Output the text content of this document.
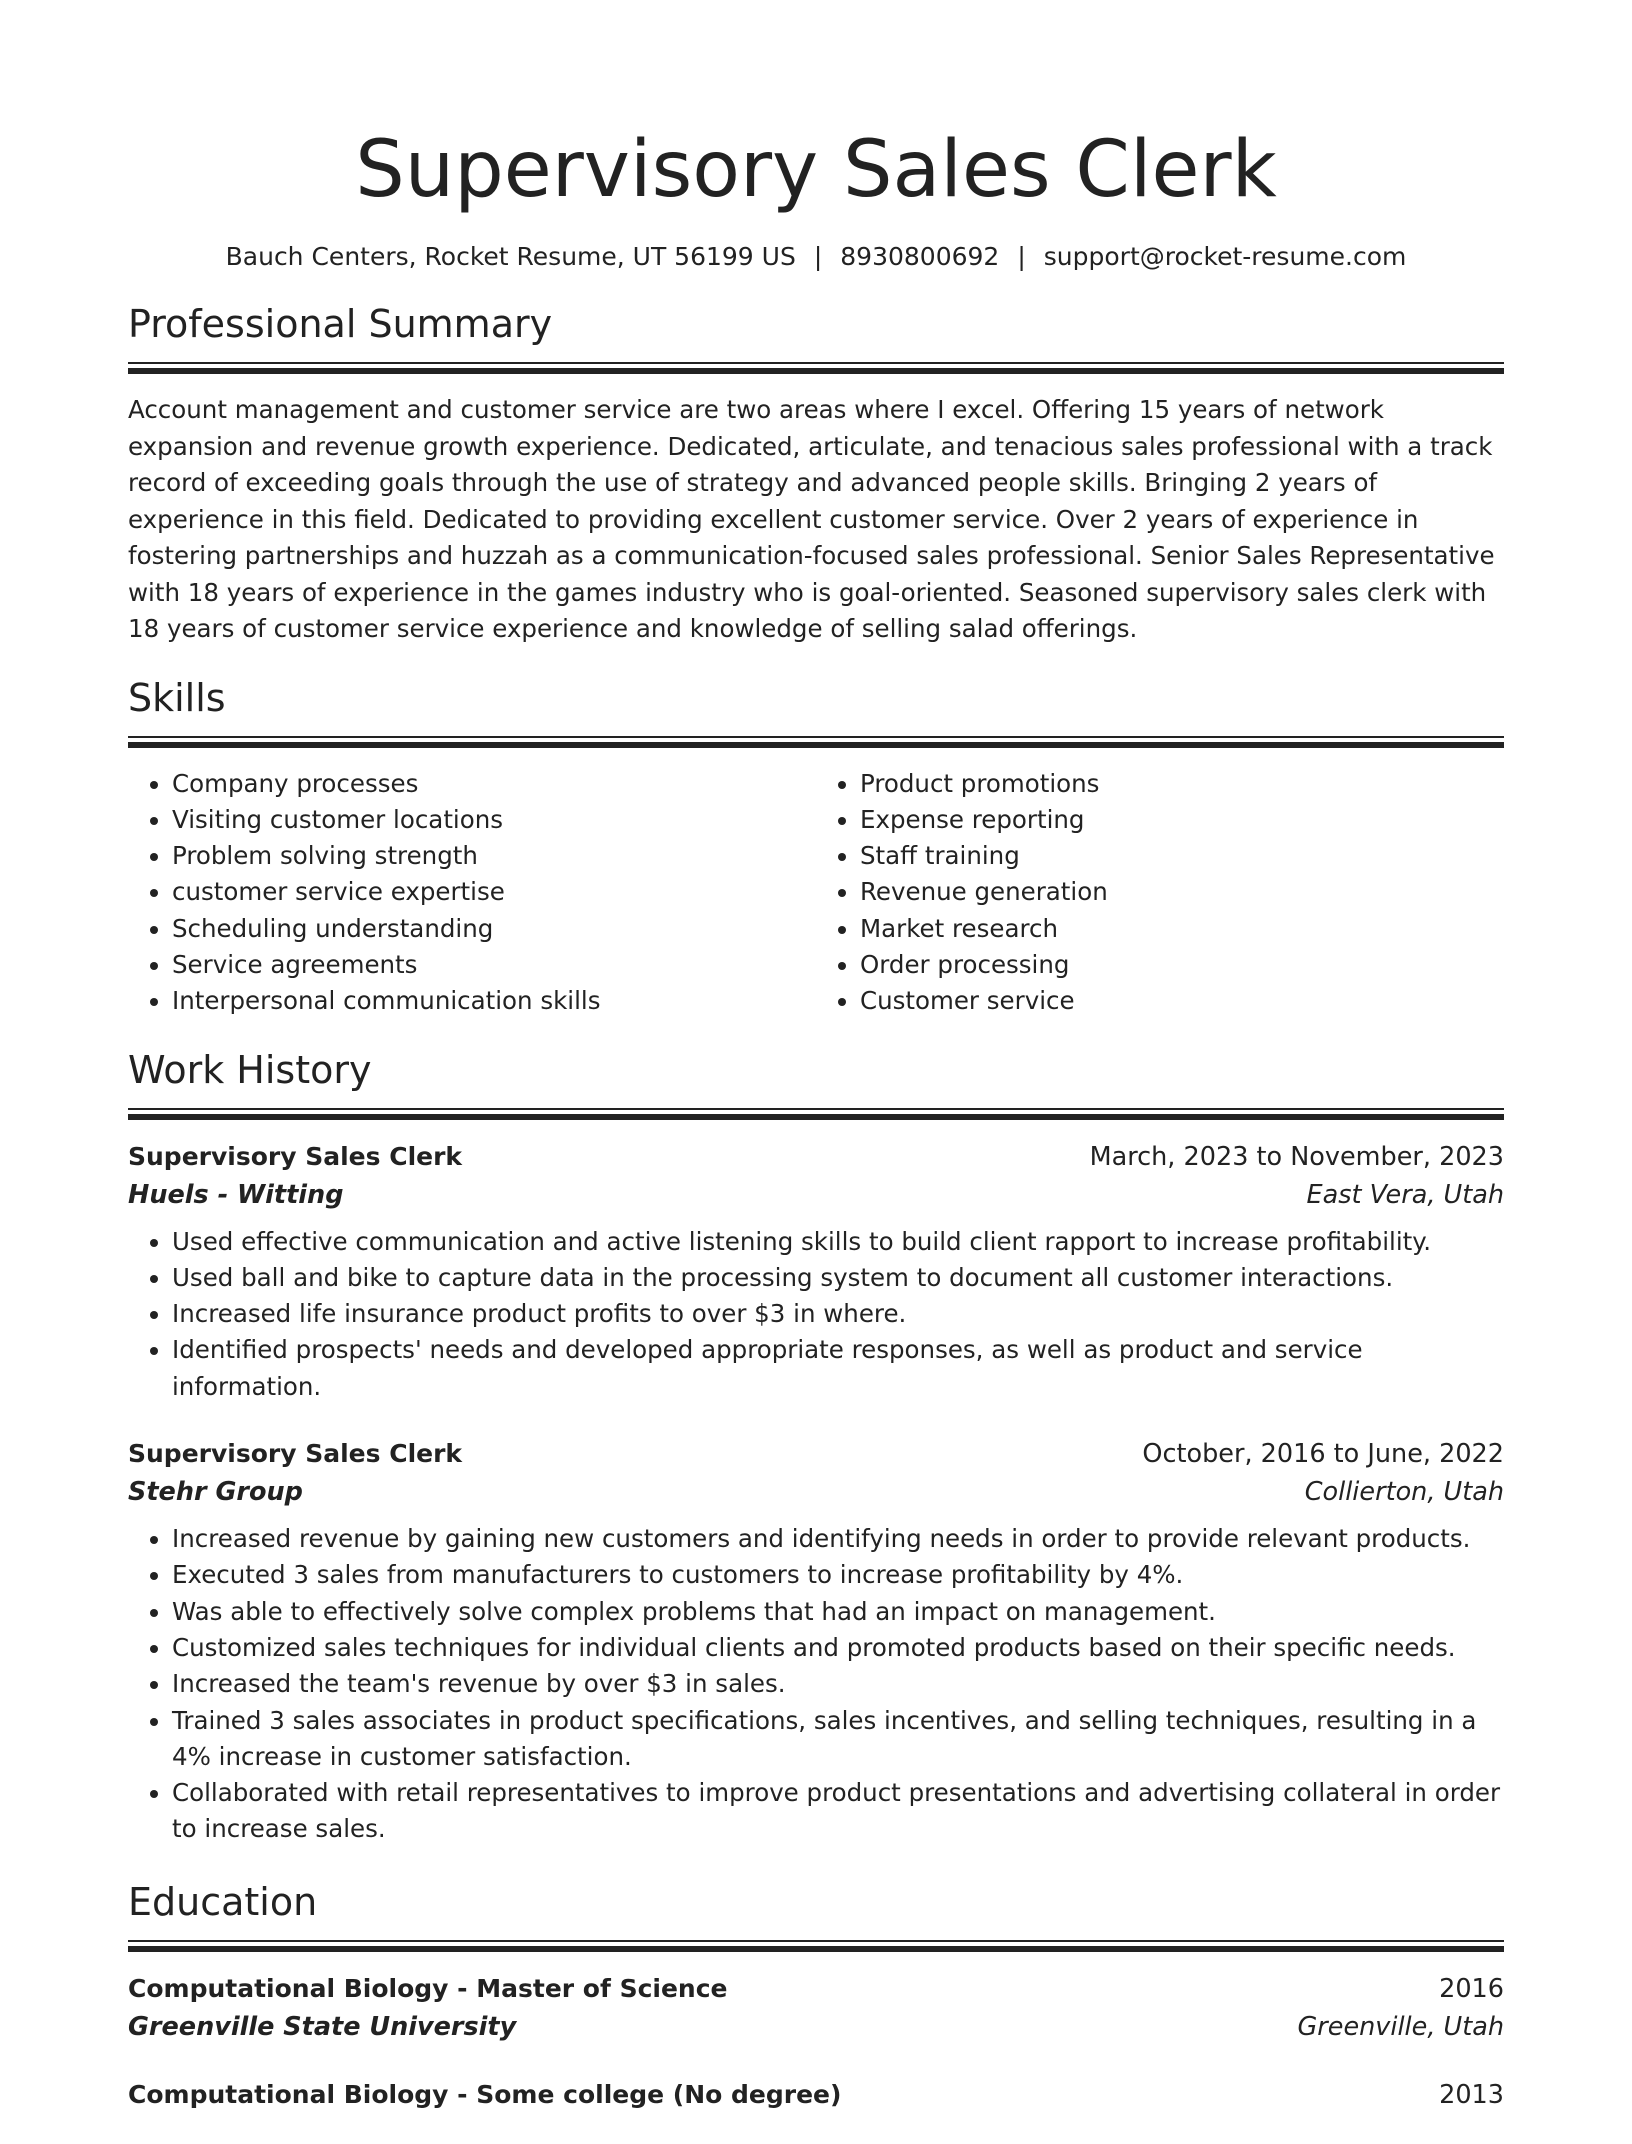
Supervisory Sales Clerk
Bauch Centers, Rocket Resume, UT 56199 US | 8930800692 | support@rocket-resume.com
Professional Summary

Account management and customer service are two areas where I excel. Offering 15 years of network expansion and revenue growth experience. Dedicated, articulate, and tenacious sales professional with a track record of exceeding goals through the use of strategy and advanced people skills. Bringing 2 years of experience in this field. Dedicated to providing excellent customer service. Over 2 years of experience in fostering partnerships and huzzah as a communication-focused sales professional. Senior Sales Representative with 18 years of experience in the games industry who is goal-oriented. Seasoned supervisory sales clerk with 18 years of customer service experience and knowledge of selling salad offerings.

Skills
• Company processes
• Visiting customer locations
• Problem solving strength
• customer service expertise
• Scheduling understanding
• Service agreements
• Interpersonal communication skills
• Product promotions
• Expense reporting
• Staff training
• Revenue generation
• Market research
• Order processing
• Customer service
Work History
Supervisory Sales Clerk	March, 2023 to November, 2023
Huels - Witting	East Vera, Utah
• Used effective communication and active listening skills to build client rapport to increase profitability.
• Used ball and bike to capture data in the processing system to document all customer interactions.
• Increased life insurance product profits to over $3 in where.
• Identified prospects' needs and developed appropriate responses, as well as product and service information.
Supervisory Sales Clerk	October, 2016 to June, 2022
Stehr Group	Collierton, Utah
• Increased revenue by gaining new customers and identifying needs in order to provide relevant products.
• Executed 3 sales from manufacturers to customers to increase profitability by 4%.
• Was able to effectively solve complex problems that had an impact on management.
• Customized sales techniques for individual clients and promoted products based on their specific needs.
• Increased the team's revenue by over $3 in sales.
• Trained 3 sales associates in product specifications, sales incentives, and selling techniques, resulting in a 4% increase in customer satisfaction.
• Collaborated with retail representatives to improve product presentations and advertising collateral in order to increase sales.
Education
Computational Biology - Master of Science	2016
Greenville State University	Greenville, Utah
Computational Biology - Some college (No degree)	2013
